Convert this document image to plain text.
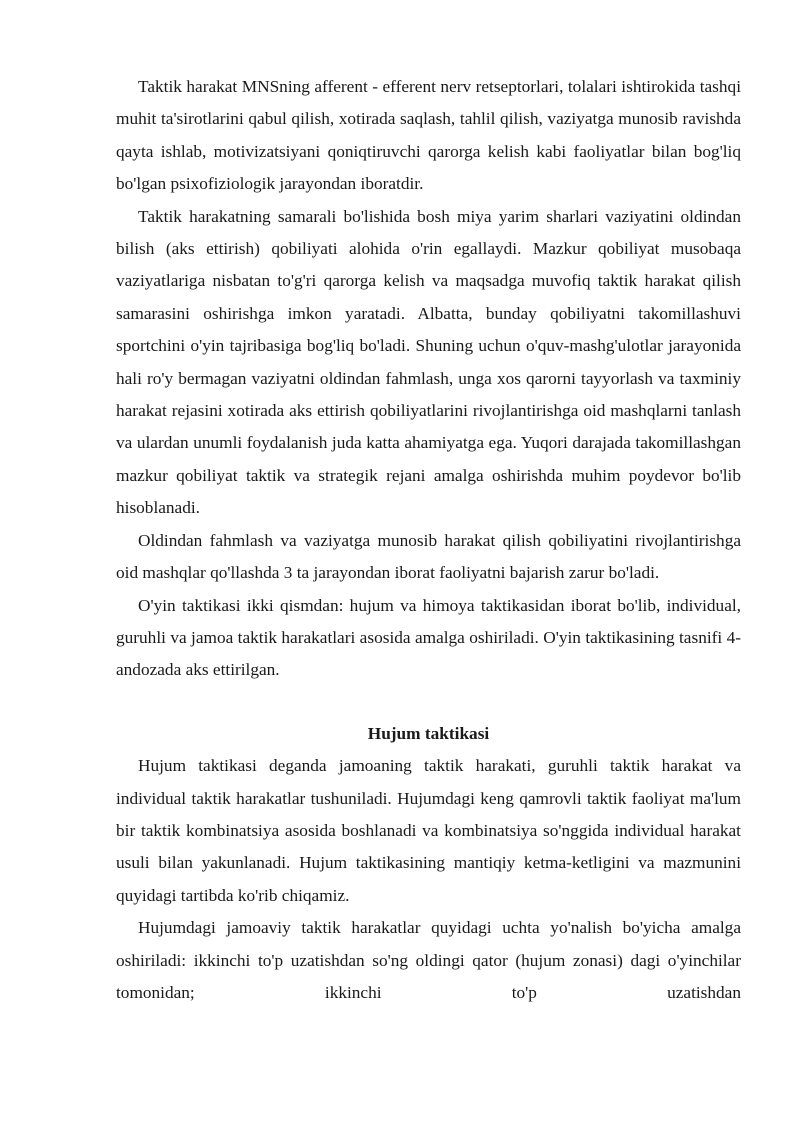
Taktik harakat MNSning afferent - efferent nerv retseptorlari, tolalari ishtirokida tashqi muhit ta'sirotlarini qabul qilish, xotirada saqlash, tahlil qilish, vaziyatga munosib ravishda qayta ishlab, motivizatsiyani qoniqtiruvchi qarorga kelish kabi faoliyatlar bilan bog'liq bo'lgan psixofiziologik jarayondan iboratdir.

Taktik harakatning samarali bo'lishida bosh miya yarim sharlari vaziyatini oldindan bilish (aks ettirish) qobiliyati alohida o'rin egallaydi. Mazkur qobiliyat musobaqa vaziyatlariga nisbatan to'g'ri qarorga kelish va maqsadga muvofiq taktik harakat qilish samarasini oshirishga imkon yaratadi. Albatta, bunday qobiliyatni takomillashuvi sportchini o'yin tajribasiga bog'liq bo'ladi. Shuning uchun o'quv-mashg'ulotlar jarayonida hali ro'y bermagan vaziyatni oldindan fahmlash, unga xos qarorni tayyorlash va taxminiy harakat rejasini xotirada aks ettirish qobiliyatlarini rivojlantirishga oid mashqlarni tanlash va ulardan unumli foydalanish juda katta ahamiyatga ega. Yuqori darajada takomillashgan mazkur qobiliyat taktik va strategik rejani amalga oshirishda muhim poydevor bo'lib hisoblanadi.

Oldindan fahmlash va vaziyatga munosib harakat qilish qobiliyatini rivojlantirishga oid mashqlar qo'llashda 3 ta jarayondan iborat faoliyatni bajarish zarur bo'ladi.

O'yin taktikasi ikki qismdan: hujum va himoya taktikasidan iborat bo'lib, individual, guruhli va jamoa taktik harakatlari asosida amalga oshiriladi. O'yin taktikasining tasnifi 4-andozada aks ettirilgan.

Hujum taktikasi

Hujum taktikasi deganda jamoaning taktik harakati, guruhli taktik harakat va individual taktik harakatlar tushuniladi. Hujumdagi keng qamrovli taktik faoliyat ma'lum bir taktik kombinatsiya asosida boshlanadi va kombinatsiya so'nggida individual harakat usuli bilan yakunlanadi. Hujum taktikasining mantiqiy ketma-ketligini va mazmunini quyidagi tartibda ko'rib chiqamiz.

Hujumdagi jamoaviy taktik harakatlar quyidagi uchta yo'nalish bo'yicha amalga oshiriladi: ikkinchi to'p uzatishdan so'ng oldingi qator (hujum zonasi) dagi o'yinchilar tomonidan; ikkinchi to'p uzatishdan
